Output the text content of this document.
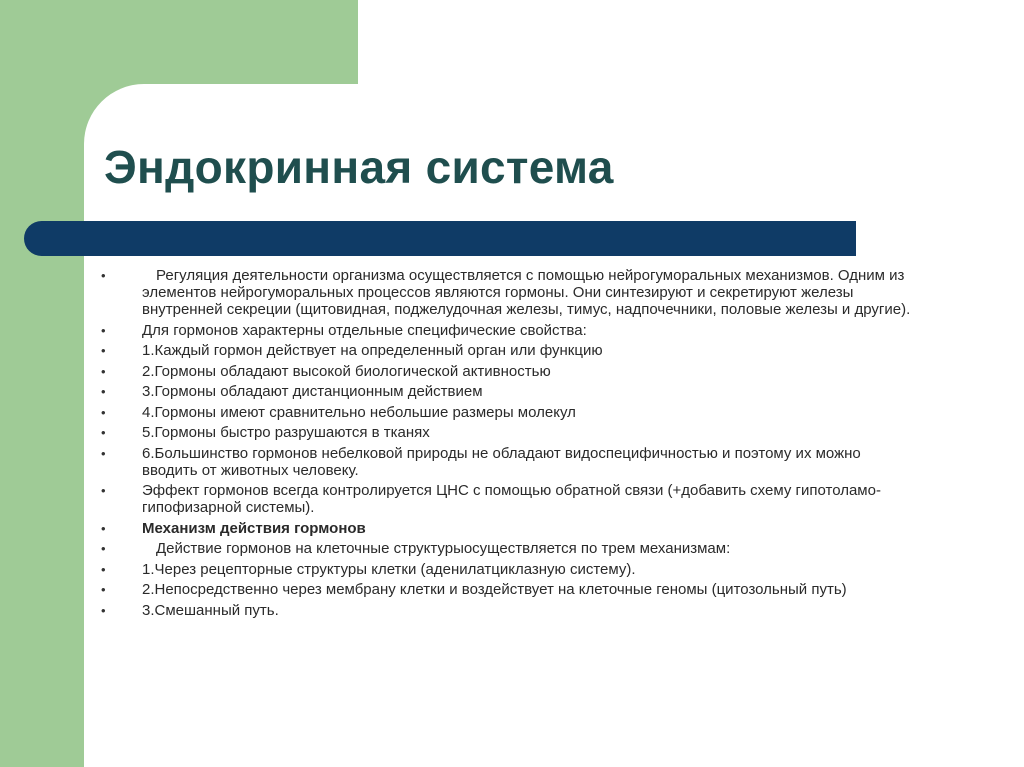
Эндокринная система
•	Регуляция деятельности организма осуществляется с помощью нейрогуморальных механизмов. Одним из элементов нейрогуморальных процессов являются гормоны. Они синтезируют и секретируют железы внутренней секреции (щитовидная, поджелудочная железы, тимус, надпочечники, половые железы и другие).
• Для гормонов характерны отдельные специфические свойства:
• 1.Каждый гормон действует на определенный орган или функцию
• 2.Гормоны обладают высокой биологической активностью
• 3.Гормоны обладают дистанционным действием
• 4.Гормоны имеют сравнительно небольшие размеры молекул
• 5.Гормоны быстро разрушаются в тканях
• 6.Большинство гормонов небелковой природы не обладают видоспецифичностью и поэтому их можно вводить от животных человеку.
• Эффект гормонов всегда контролируется ЦНС с помощью обратной связи (+добавить схему гипотоламо-гипофизарной системы).
• Механизм действия гормонов
•	Действие гормонов на клеточные структурыосуществляется по трем механизмам:
• 1.Через рецепторные структуры клетки (аденилатциклазную систему).
• 2.Непосредственно через мембрану клетки и воздействует на клеточные геномы (цитозольный путь)
• 3.Смешанный путь.
